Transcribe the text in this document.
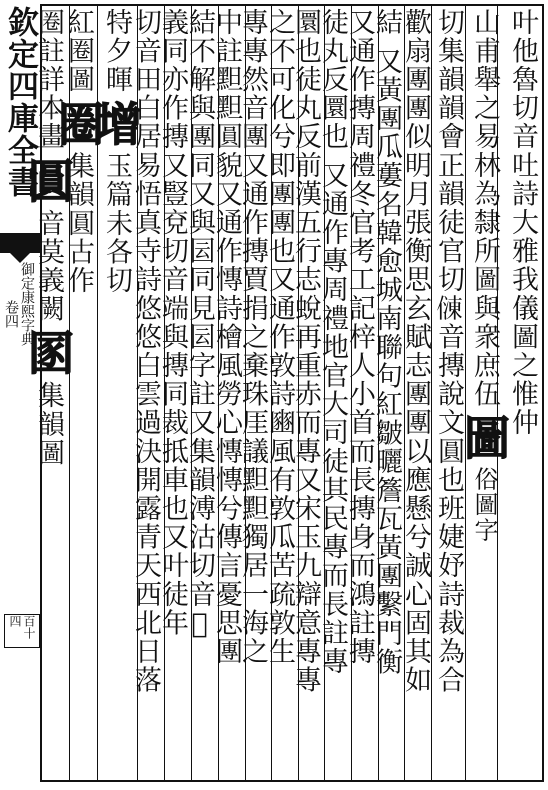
欽定四庫全書
御定康熙字典
卷四
百十四
叶他魯切音吐詩大雅我儀圖之惟仲
山甫舉之易林為隸所圖與衆庶伍圖俗圖字
切集韻韻會正韻徒官切𠍀音摶說文圓也班婕妤詩裁為合
歡扇團團似明月張衡思玄賦志團團以應懸兮誠心固其如
結又黃團瓜蔞名韓愈城南聯句紅皺曬簷瓦黃團繫門衡
又通作摶周禮冬官考工記梓人小首而長摶身而鴻註摶
徒丸反圜也又通作專周禮地官大司徒其民專而長註專
圜也徒丸反前漢五行志蛻再重赤而專又宋玉九辯意專專
之不可化兮即團團也又通作敦詩豳風有敦瓜苦疏敦生
專專然音團又通作摶賈捐之棄珠厓議䵣䵣獨居一海之
中註䵣䵣圓貌又通作慱詩檜風勞心慱慱兮傳言憂思團
結不解與團同又與囩同見囩字註又集韻溥沽切音𢧐
義同亦作摶又豎兗切音端與摶同裁抵車也又叶徒年
切音田白居易悟真寺詩悠悠白雲過決開露青天西北日落
特夕暉增玉篇未各切
紅圈圖圈集韻圓古作
圈註詳本畫圓音莫義闕圂集韻圖
